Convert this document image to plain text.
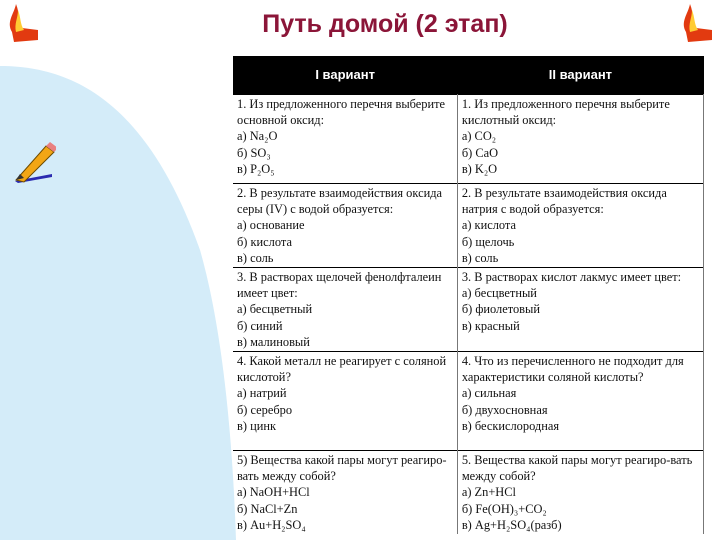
Путь домой (2 этап)
I вариант	II вариант

1. Из предложенного перечня выберите основной оксид:
а) Na₂O
б) SO₃
в) P₂O₅	1. Из предложенного перечня выберите кислотный оксид:
а) CO₂
б) CaO
в) K₂O

2. В результате взаимодействия оксида серы (IV) с водой образуется:
а) основание
б) кислота
в) соль	2. В результате взаимодействия оксида натрия с водой образуется:
а) кислота
б) щелочь
в) соль

3. В растворах щелочей фенолфталеин имеет цвет:
а) бесцветный
б) синий
в) малиновый	3. В растворах кислот лакмус имеет цвет:
а) бесцветный
б) фиолетовый
в) красный

4. Какой металл не реагирует с соляной кислотой?
а) натрий
б) серебро
в) цинк	4. Что из перечисленного не подходит для характеристики соляной кислоты?
а) сильная
б) двухосновная
в) бескислородная

5) Вещества какой пары могут реагиро-вать между собой?
а) NaOH+HCl
б) NaCl+Zn
в) Au+H₂SO₄	5. Вещества какой пары могут реагиро-вать между собой?
а) Zn+HCl
б) Fe(OH)₃+CO₂
в) Ag+H₂SO₄(разб)
